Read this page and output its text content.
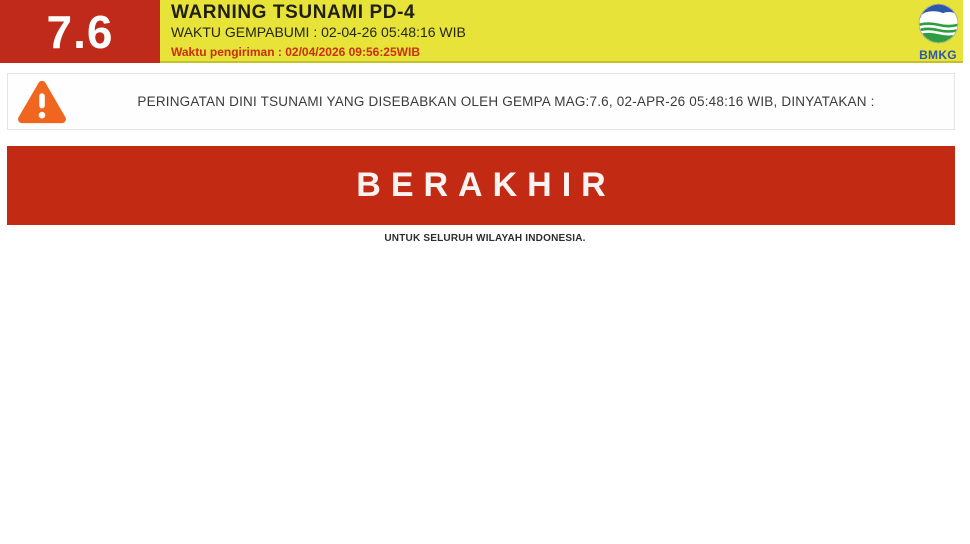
7.6	WARNING TSUNAMI PD-4
WAKTU GEMPABUMI : 02-04-26 05:48:16 WIB
Waktu pengiriman : 02/04/2026 09:56:25WIB	BMKG
PERINGATAN DINI TSUNAMI YANG DISEBABKAN OLEH GEMPA MAG:7.6, 02-APR-26 05:48:16 WIB, DINYATAKAN :
BERAKHIR
UNTUK SELURUH WILAYAH INDONESIA.
